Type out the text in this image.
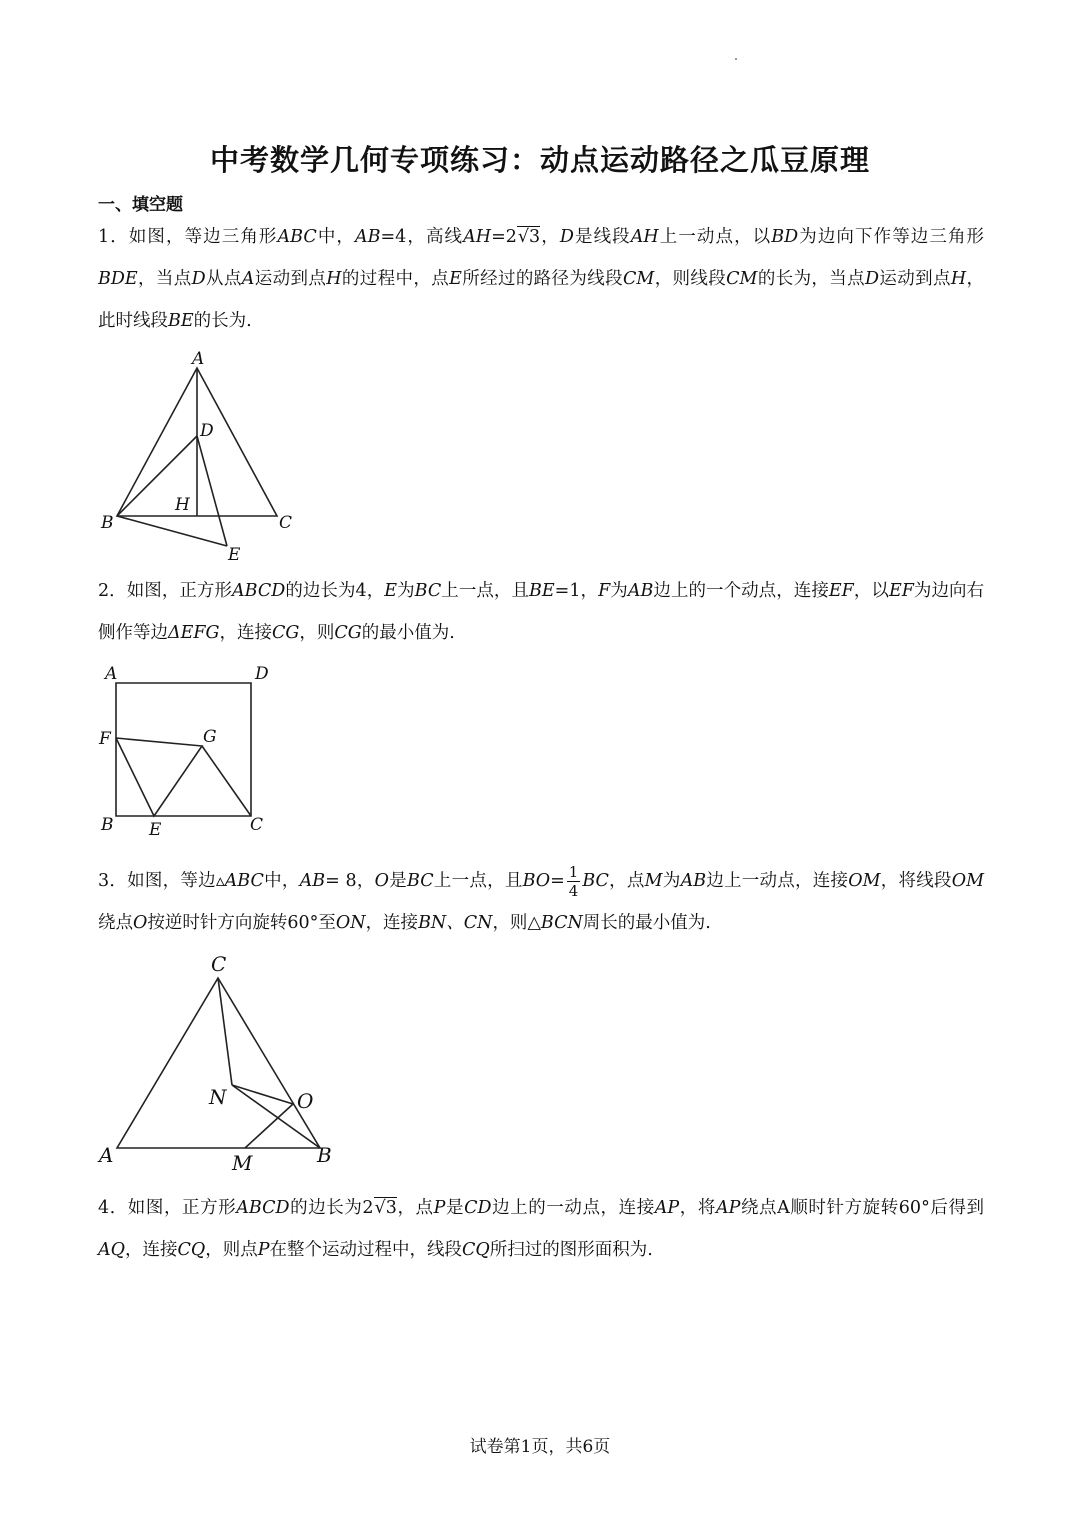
中考数学几何专项练习：动点运动路径之瓜豆原理
一、填空题
1．如图，等边三角形ABC中，AB=4，高线AH=2√3，D是线段AH上一动点，以BD为边向下作等边三角形BDE，当点D从点A运动到点H的过程中，点E所经过的路径为线段CM，则线段CM的长为，当点D运动到点H，此时线段BE的长为.
A
D
H
B	C
E
2．如图，正方形ABCD的边长为4，E为BC上一点，且BE=1，F为AB边上的一个动点，连接EF，以EF为边向右侧作等边ΔEFG，连接CG，则CG的最小值为.
A	D
F	G
B E	C
3．如图，等边▵ABC中，AB= 8，O是BC上一点，且$BO= \frac{1}{4}$ BC，点M为AB边上一动点，连接OM，将线段OM绕点O按逆时针方向旋转60°至ON，连接BN、CN，则△BCN周长的最小值为.
C
N	O
A	M	B
4．如图，正方形ABCD的边长为2√3，点P是CD边上的一动点，连接AP，将AP绕点A顺时针方旋转60°后得到AQ，连接CQ，则点P在整个运动过程中，线段CQ所扫过的图形面积为.
试卷第1页，共6页
